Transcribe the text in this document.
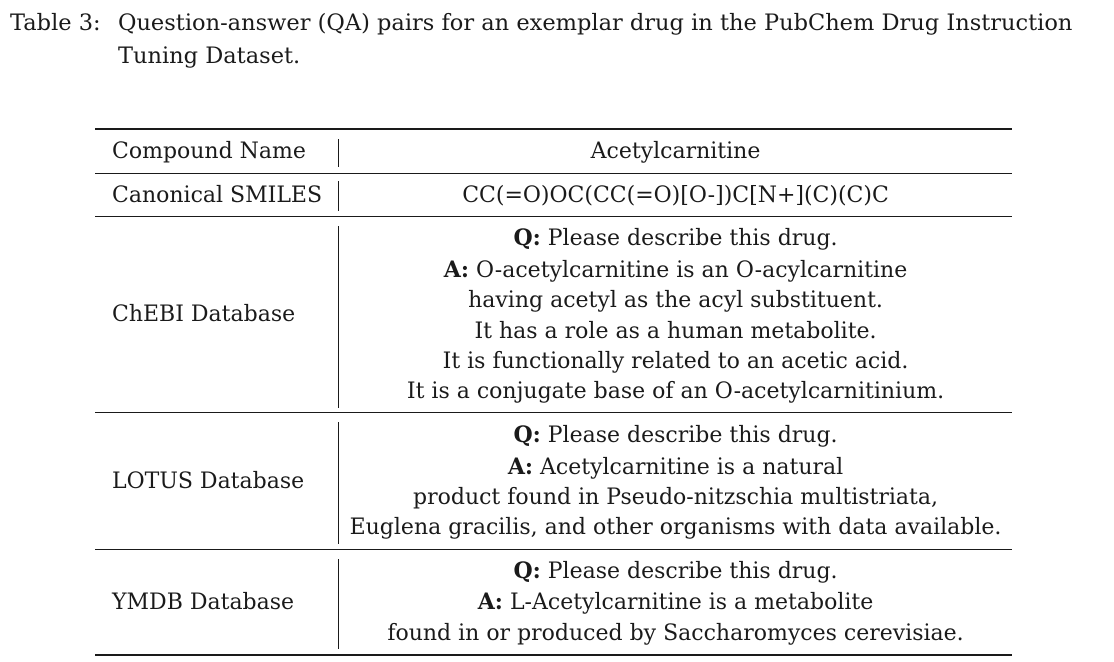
Table 3: Question-answer (QA) pairs for an exemplar drug in the PubChem Drug Instruction Tuning Dataset.
Compound Name	Acetylcarnitine
Canonical SMILES	CC(=O)OC(CC(=O)[O-])C[N+](C)(C)C
ChEBI Database
Q: Please describe this drug.
A: O-acetylcarnitine is an O-acylcarnitine
having acetyl as the acyl substituent.
It has a role as a human metabolite.
It is functionally related to an acetic acid.
It is a conjugate base of an O-acetylcarnitinium.
LOTUS Database
Q: Please describe this drug.
A: Acetylcarnitine is a natural
product found in Pseudo-nitzschia multistriata,
Euglena gracilis, and other organisms with data available.
YMDB Database
Q: Please describe this drug.
A: L-Acetylcarnitine is a metabolite
found in or produced by Saccharomyces cerevisiae.
